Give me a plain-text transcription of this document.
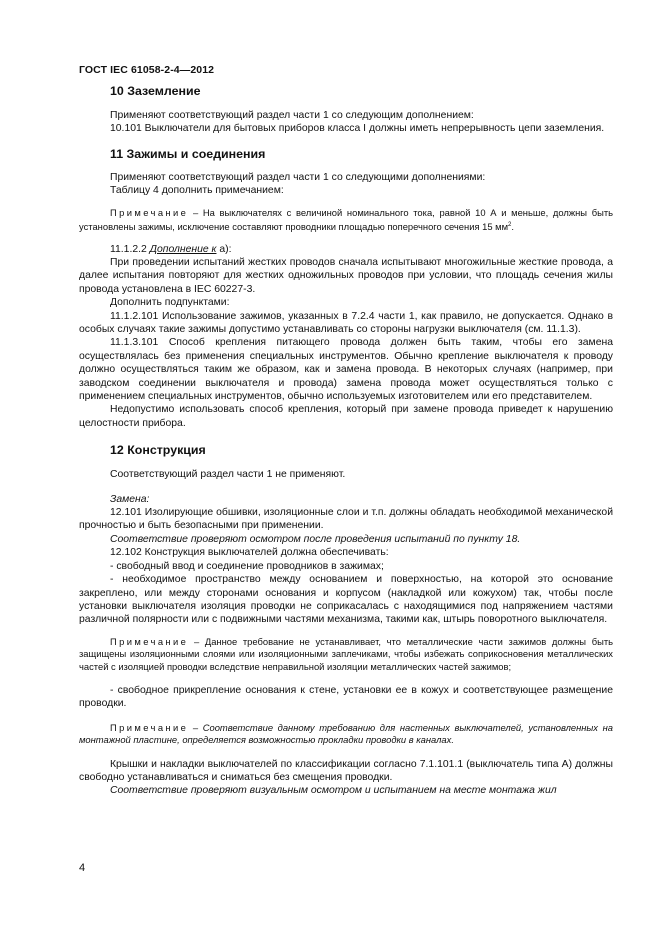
ГОСТ IEC 61058-2-4—2012
10 Заземление

Применяют соответствующий раздел части 1 со следующим дополнением:

10.101 Выключатели для бытовых приборов класса I должны иметь непрерывность цепи заземления.

11 Зажимы и соединения

Применяют соответствующий раздел части 1 со следующими дополнениями:

Таблицу 4 дополнить примечанием:

Примечание – На выключателях с величиной номинального тока, равной 10 А и меньше, должны быть установлены зажимы, исключение составляют проводники площадью поперечного сечения 15 $мм^2$.

11.1.2.2 Дополнение к а):

При проведении испытаний жестких проводов сначала испытывают многожильные жесткие провода, а далее испытания повторяют для жестких одножильных проводов при условии, что площадь сечения жилы провода установлена в IEC 60227-3.

Дополнить подпунктами:

11.1.2.101 Использование зажимов, указанных в 7.2.4 части 1, как правило, не допускается. Однако в особых случаях такие зажимы допустимо устанавливать со стороны нагрузки выключателя (см. 11.1.3).

11.1.3.101 Способ крепления питающего провода должен быть таким, чтобы его замена осуществлялась без применения специальных инструментов. Обычно крепление выключателя к проводу должно осуществляться таким же образом, как и замена провода. В некоторых случаях (например, при заводском соединении выключателя и провода) замена провода может осуществляться только с применением специальных инструментов, обычно используемых изготовителем или его представителем.

Недопустимо использовать способ крепления, который при замене провода приведет к нарушению целостности прибора.

12 Конструкция

Соответствующий раздел части 1 не применяют.

Замена:

12.101 Изолирующие обшивки, изоляционные слои и т.п. должны обладать необходимой механической прочностью и быть безопасными при применении.

Соответствие проверяют осмотром после проведения испытаний по пункту 18.

12.102 Конструкция выключателей должна обеспечивать:

- свободный ввод и соединение проводников в зажимах;

- необходимое пространство между основанием и поверхностью, на которой это основание закреплено, или между сторонами основания и корпусом (накладкой или кожухом) так, чтобы после установки выключателя изоляция проводки не соприкасалась с находящимися под напряжением частями различной полярности или с подвижными частями механизма, такими как, штырь поворотного выключателя.

Примечание – Данное требование не устанавливает, что металлические части зажимов должны быть защищены изоляционными слоями или изоляционными заплечиками, чтобы избежать соприкосновения металлических частей с изоляцией проводки вследствие неправильной изоляции металлических частей зажимов;

- свободное прикрепление основания к стене, установки ее в кожух и соответствующее размещение проводки.

Примечание – Соответствие данному требованию для настенных выключателей, установленных на монтажной пластине, определяется возможностью прокладки проводки в каналах.

Крышки и накладки выключателей по классификации согласно 7.1.101.1 (выключатель типа А) должны свободно устанавливаться и сниматься без смещения проводки.

Соответствие проверяют визуальным осмотром и испытанием на месте монтажа жил

4
